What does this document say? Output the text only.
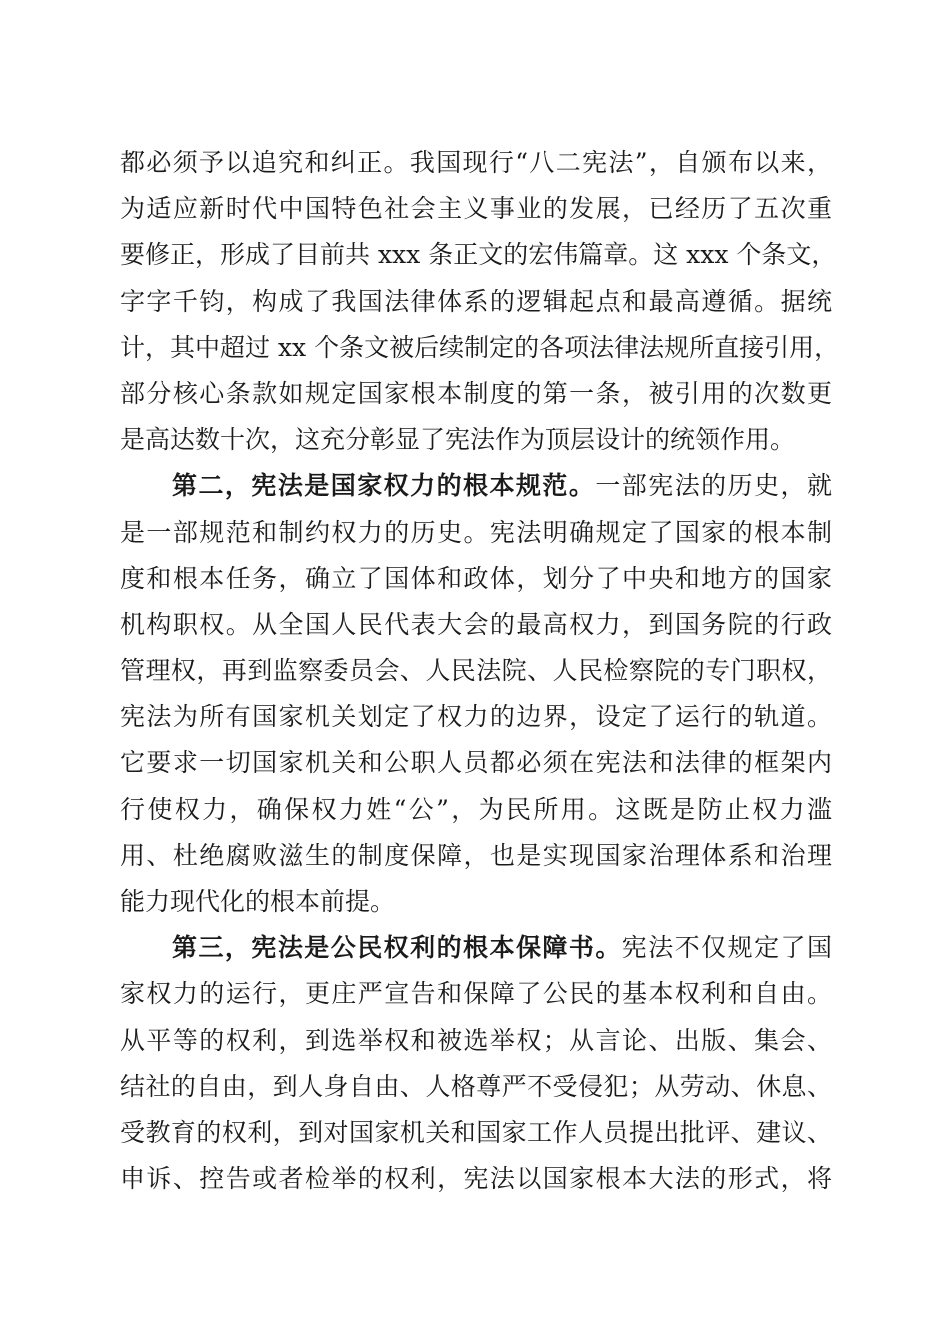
都必须予以追究和纠正。我国现行“八二宪法”，自颁布以来，
为适应新时代中国特色社会主义事业的发展，已经历了五次重
要修正，形成了目前共 xxx 条正文的宏伟篇章。这 xxx 个条文，
字字千钧，构成了我国法律体系的逻辑起点和最高遵循。据统
计，其中超过 xx 个条文被后续制定的各项法律法规所直接引用，
部分核心条款如规定国家根本制度的第一条，被引用的次数更
是高达数十次，这充分彰显了宪法作为顶层设计的统领作用。
第二，宪法是国家权力的根本规范。一部宪法的历史，就
是一部规范和制约权力的历史。宪法明确规定了国家的根本制
度和根本任务，确立了国体和政体，划分了中央和地方的国家
机构职权。从全国人民代表大会的最高权力，到国务院的行政
管理权，再到监察委员会、人民法院、人民检察院的专门职权，
宪法为所有国家机关划定了权力的边界，设定了运行的轨道。
它要求一切国家机关和公职人员都必须在宪法和法律的框架内
行使权力，确保权力姓“公”，为民所用。这既是防止权力滥
用、杜绝腐败滋生的制度保障，也是实现国家治理体系和治理
能力现代化的根本前提。
第三，宪法是公民权利的根本保障书。宪法不仅规定了国
家权力的运行，更庄严宣告和保障了公民的基本权利和自由。
从平等的权利，到选举权和被选举权；从言论、出版、集会、
结社的自由，到人身自由、人格尊严不受侵犯；从劳动、休息、
受教育的权利，到对国家机关和国家工作人员提出批评、建议、
申诉、控告或者检举的权利，宪法以国家根本大法的形式，将
